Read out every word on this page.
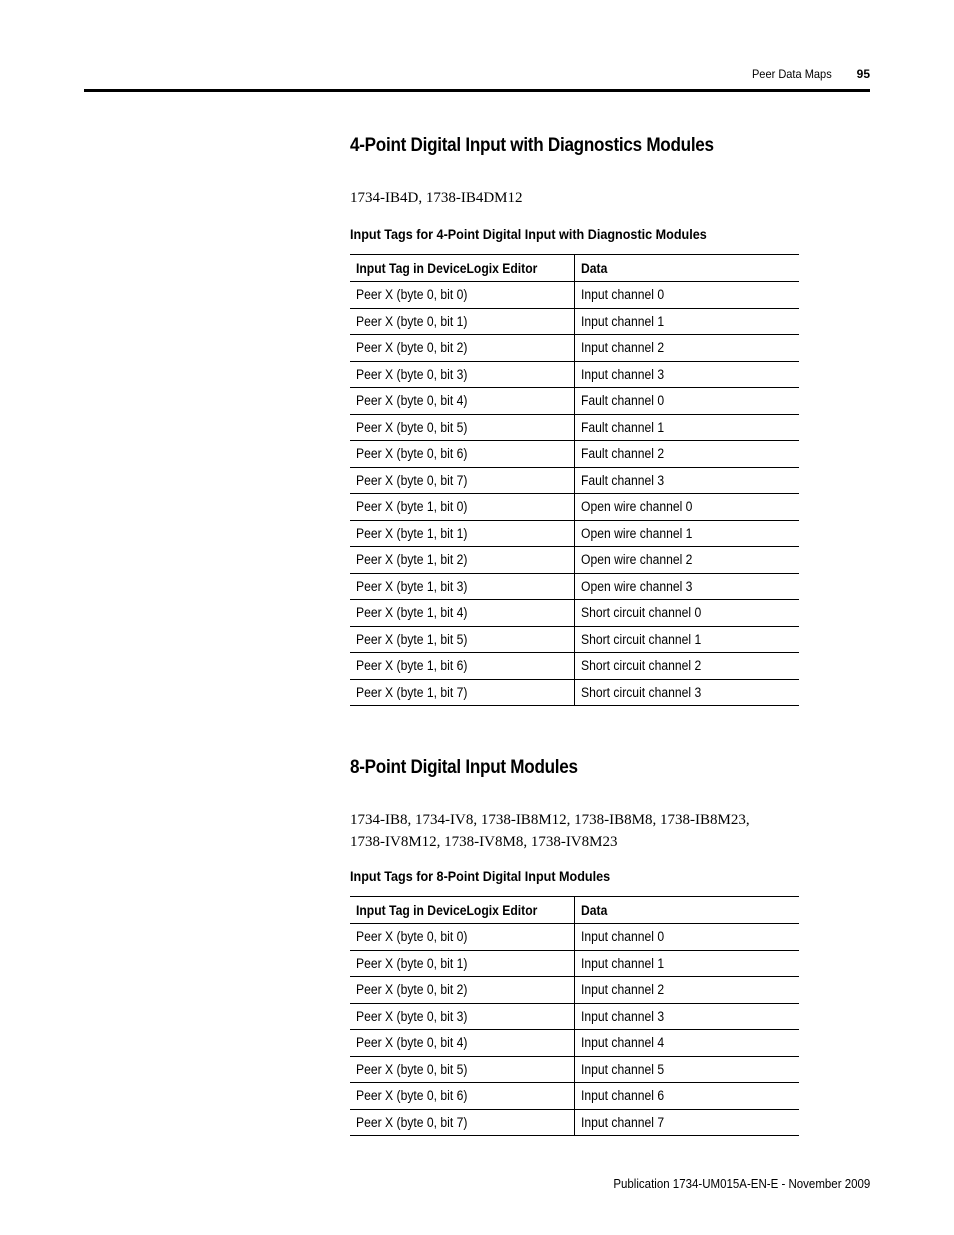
Peer Data Maps 95
4-Point Digital Input with Diagnostics Modules

1734-IB4D, 1738-IB4DM12

Input Tags for 4-Point Digital Input with Diagnostic Modules

Input Tag in DeviceLogix Editor	Data
Peer X (byte 0, bit 0)	Input channel 0
Peer X (byte 0, bit 1)	Input channel 1
Peer X (byte 0, bit 2)	Input channel 2
Peer X (byte 0, bit 3)	Input channel 3
Peer X (byte 0, bit 4)	Fault channel 0
Peer X (byte 0, bit 5)	Fault channel 1
Peer X (byte 0, bit 6)	Fault channel 2
Peer X (byte 0, bit 7)	Fault channel 3
Peer X (byte 1, bit 0)	Open wire channel 0
Peer X (byte 1, bit 1)	Open wire channel 1
Peer X (byte 1, bit 2)	Open wire channel 2
Peer X (byte 1, bit 3)	Open wire channel 3
Peer X (byte 1, bit 4)	Short circuit channel 0
Peer X (byte 1, bit 5)	Short circuit channel 1
Peer X (byte 1, bit 6)	Short circuit channel 2
Peer X (byte 1, bit 7)	Short circuit channel 3
8-Point Digital Input Modules
1734-IB8, 1734-IV8, 1738-IB8M12, 1738-IB8M8, 1738-IB8M23,
1738-IV8M12, 1738-IV8M8, 1738-IV8M23

Input Tags for 8-Point Digital Input Modules

Input Tag in DeviceLogix Editor	Data
Peer X (byte 0, bit 0)	Input channel 0
Peer X (byte 0, bit 1)	Input channel 1
Peer X (byte 0, bit 2)	Input channel 2
Peer X (byte 0, bit 3)	Input channel 3
Peer X (byte 0, bit 4)	Input channel 4
Peer X (byte 0, bit 5)	Input channel 5
Peer X (byte 0, bit 6)	Input channel 6
Peer X (byte 0, bit 7)	Input channel 7
Publication 1734-UM015A-EN-E - November 2009
